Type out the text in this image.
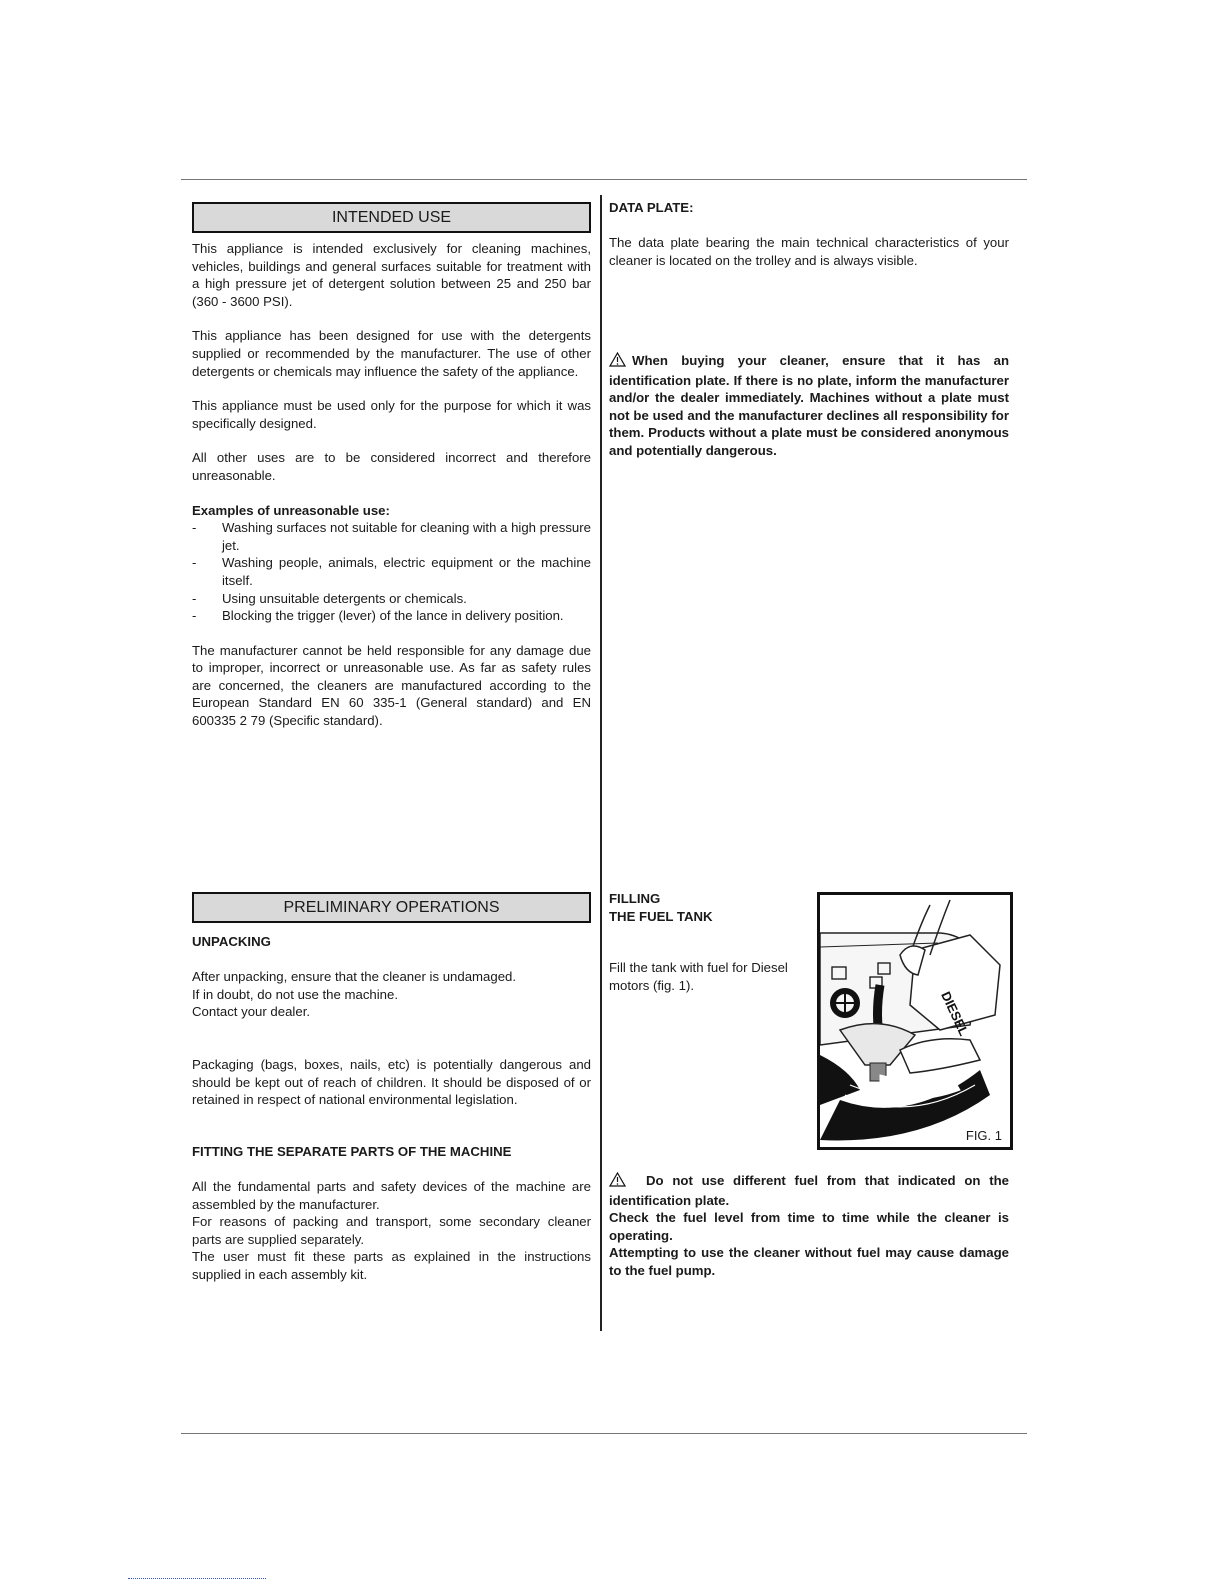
INTENDED USE

This appliance is intended exclusively for cleaning machines, vehicles, buildings and general surfaces suitable for treatment with a high pressure jet of detergent solution between 25 and 250 bar (360 - 3600 PSI).

This appliance has been designed for use with the detergents supplied or recommended by the manufacturer. The use of other detergents or chemicals may influence the safety of the appliance.

This appliance must be used only for the purpose for which it was specifically designed.

All other uses are to be considered incorrect and therefore unreasonable.

Examples of unreasonable use:

- Washing surfaces not suitable for cleaning with a high pressure jet.
- Washing people, animals, electric equipment or the machine itself.
- Using unsuitable detergents or chemicals.
- Blocking the trigger (lever) of the lance in delivery position.

The manufacturer cannot be held responsible for any damage due to improper, incorrect or unreasonable use. As far as safety rules are concerned, the cleaners are manufactured according to the European Standard EN 60 335-1 (General standard) and EN 600335 2 79 (Specific standard).

DATA PLATE:
The data plate bearing the main technical characteristics of your cleaner is located on the trolley and is always visible.
When buying your cleaner, ensure that it has an identification plate. If there is no plate, inform the manufacturer and/or the dealer immediately. Machines without a plate must not be used and the manufacturer declines all responsibility for them. Products without a plate must be considered anonymous and potentially dangerous.
PRELIMINARY OPERATIONS
UNPACKING

After unpacking, ensure that the cleaner is undamaged.

If in doubt, do not use the machine.

Contact your dealer.

Packaging (bags, boxes, nails, etc) is potentially dangerous and should be kept out of reach of children. It should be disposed of or retained in respect of national environmental legislation.
FITTING THE SEPARATE PARTS OF THE MACHINE

All the fundamental parts and safety devices of the machine are assembled by the manufacturer.

For reasons of packing and transport, some secondary cleaner parts are supplied separately.

The user must fit these parts as explained in the instructions supplied in each assembly kit.

FILLING
THE FUEL TANK
Fill the tank with fuel for Diesel motors (fig. 1).
DIESEL
FIG. 1

Do not use different fuel from that indicated on the identification plate.

Check the fuel level from time to time while the cleaner is operating.

Attempting to use the cleaner without fuel may cause damage to the fuel pump.
